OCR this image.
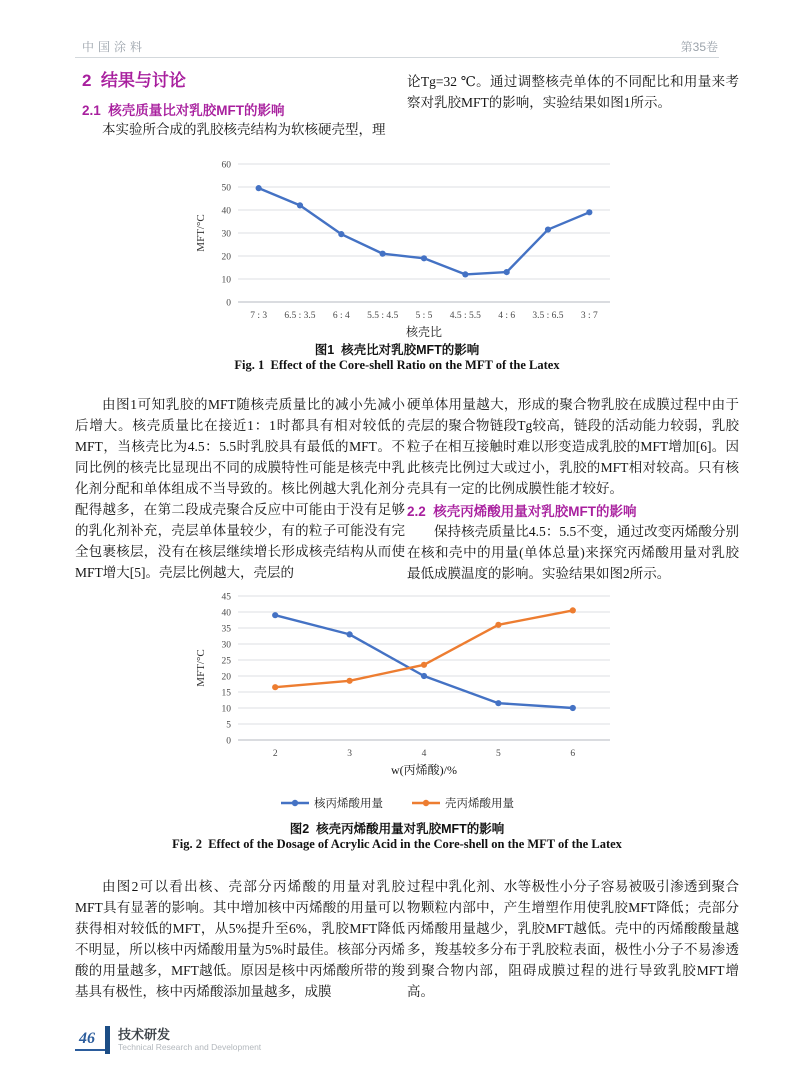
中国涂料	第35卷
2  结果与讨论
2.1  核壳质量比对乳胶MFT的影响
本实验所合成的乳胶核壳结构为软核硬壳型，理
论Tg=32 ℃。通过调整核壳单体的不同配比和用量来考察对乳胶MFT的影响，实验结果如图1所示。
0
10
20
30
40
50
60
7 : 3 6.5 : 3.5 6 : 4 5.5 : 4.5 5 : 5 4.5 : 5.5 4 : 6 3.5 : 6.5 3 : 7
MFT/°C
核壳比
图1  核壳比对乳胶MFT的影响
Fig. 1  Effect of the Core-shell Ratio on the MFT of the Latex
由图1可知乳胶的MFT随核壳质量比的减小先减小后增大。核壳质量比在接近1：1时都具有相对较低的MFT，当核壳比为4.5：5.5时乳胶具有最低的MFT。不同比例的核壳比显现出不同的成膜特性可能是核壳中乳化剂分配和单体组成不当导致的。核比例越大乳化剂分配得越多，在第二段成壳聚合反应中可能由于没有足够的乳化剂补充，壳层单体量较少，有的粒子可能没有完全包裹核层，没有在核层继续增长形成核壳结构从而使MFT增大[5]。壳层比例越大，壳层的
硬单体用量越大，形成的聚合物乳胶在成膜过程中由于壳层的聚合物链段Tg较高，链段的活动能力较弱，乳胶粒子在相互接触时难以形变造成乳胶的MFT增加[6]。因此核壳比例过大或过小，乳胶的MFT相对较高。只有核壳具有一定的比例成膜性能才较好。
2.2  核壳丙烯酸用量对乳胶MFT的影响
保持核壳质量比4.5：5.5不变，通过改变丙烯酸分别在核和壳中的用量(单体总量)来探究丙烯酸用量对乳胶最低成膜温度的影响。实验结果如图2所示。
0
5
10
15
20
25
30
35
40
45
2	3	4	5	6
MFT/°C
w(丙烯酸)/%
核丙烯酸用量	壳丙烯酸用量
图2  核壳丙烯酸用量对乳胶MFT的影响
Fig. 2  Effect of the Dosage of Acrylic Acid in the Core-shell on the MFT of the Latex
由图2可以看出核、壳部分丙烯酸的用量对乳胶MFT具有显著的影响。其中增加核中丙烯酸的用量可以获得相对较低的MFT，从5%提升至6%，乳胶MFT降低不明显，所以核中丙烯酸用量为5%时最佳。核部分丙烯酸的用量越多，MFT越低。原因是核中丙烯酸所带的羧基具有极性，核中丙烯酸添加量越多，成膜
过程中乳化剂、水等极性小分子容易被吸引渗透到聚合物颗粒内部中，产生增塑作用使乳胶MFT降低；壳部分丙烯酸用量越少，乳胶MFT越低。壳中的丙烯酸酸量越多，羧基较多分布于乳胶粒表面，极性小分子不易渗透到聚合物内部，阻碍成膜过程的进行导致乳胶MFT增高。
46	技术研发
Technical Research and Development
